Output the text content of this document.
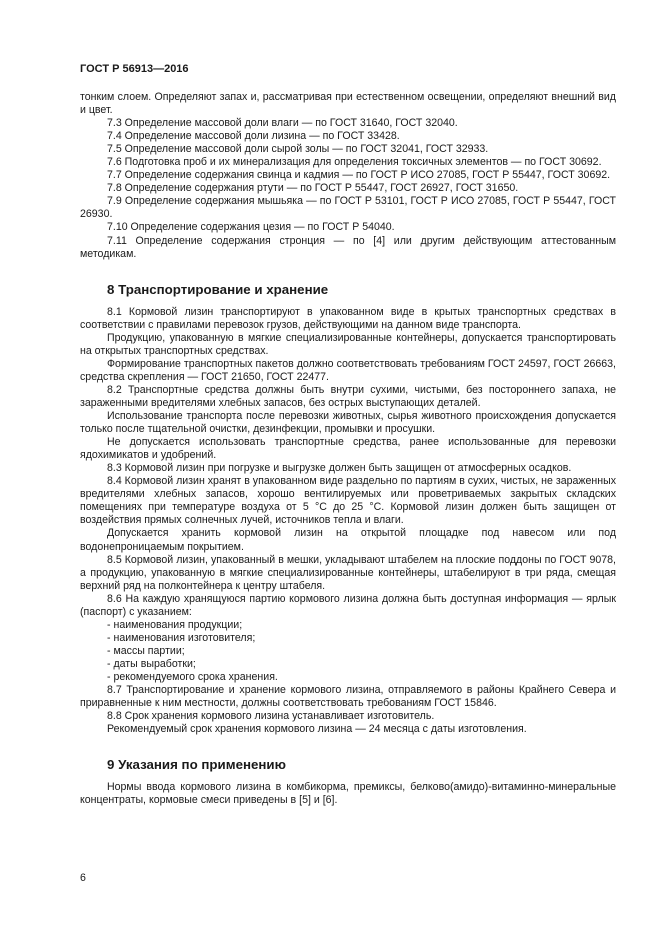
ГОСТ Р 56913—2016

тонким слоем. Определяют запах и, рассматривая при естественном освещении, определяют внешний вид и цвет.

7.3 Определение массовой доли влаги — по ГОСТ 31640, ГОСТ 32040.

7.4 Определение массовой доли лизина — по ГОСТ 33428.

7.5 Определение массовой доли сырой золы — по ГОСТ 32041, ГОСТ 32933.

7.6 Подготовка проб и их минерализация для определения токсичных элементов — по ГОСТ 30692.

7.7 Определение содержания свинца и кадмия — по ГОСТ Р ИСО 27085, ГОСТ Р 55447, ГОСТ 30692.

7.8 Определение содержания ртути — по ГОСТ Р 55447, ГОСТ 26927, ГОСТ 31650.

7.9 Определение содержания мышьяка — по ГОСТ Р 53101, ГОСТ Р ИСО 27085, ГОСТ Р 55447, ГОСТ 26930.

7.10 Определение содержания цезия — по ГОСТ Р 54040.

7.11 Определение содержания стронция — по [4] или другим действующим аттестованным методикам.

8 Транспортирование и хранение

8.1 Кормовой лизин транспортируют в упакованном виде в крытых транспортных средствах в соответствии с правилами перевозок грузов, действующими на данном виде транспорта.

Продукцию, упакованную в мягкие специализированные контейнеры, допускается транспортировать на открытых транспортных средствах.

Формирование транспортных пакетов должно соответствовать требованиям ГОСТ 24597, ГОСТ 26663, средства скрепления — ГОСТ 21650, ГОСТ 22477.

8.2 Транспортные средства должны быть внутри сухими, чистыми, без постороннего запаха, не зараженными вредителями хлебных запасов, без острых выступающих деталей.

Использование транспорта после перевозки животных, сырья животного происхождения допускается только после тщательной очистки, дезинфекции, промывки и просушки.

Не допускается использовать транспортные средства, ранее использованные для перевозки ядохимикатов и удобрений.

8.3 Кормовой лизин при погрузке и выгрузке должен быть защищен от атмосферных осадков.

8.4 Кормовой лизин хранят в упакованном виде раздельно по партиям в сухих, чистых, не зараженных вредителями хлебных запасов, хорошо вентилируемых или проветриваемых закрытых складских помещениях при температуре воздуха от 5 °С до 25 °С. Кормовой лизин должен быть защищен от воздействия прямых солнечных лучей, источников тепла и влаги.

Допускается хранить кормовой лизин на открытой площадке под навесом или под водонепроницаемым покрытием.

8.5 Кормовой лизин, упакованный в мешки, укладывают штабелем на плоские поддоны по ГОСТ 9078, а продукцию, упакованную в мягкие специализированные контейнеры, штабелируют в три ряда, смещая верхний ряд на полконтейнера к центру штабеля.

8.6 На каждую хранящуюся партию кормового лизина должна быть доступная информация — ярлык (паспорт) с указанием:

- наименования продукции;

- наименования изготовителя;

- массы партии;

- даты выработки;

- рекомендуемого срока хранения.

8.7 Транспортирование и хранение кормового лизина, отправляемого в районы Крайнего Севера и приравненные к ним местности, должны соответствовать требованиям ГОСТ 15846.

8.8 Срок хранения кормового лизина устанавливает изготовитель.

Рекомендуемый срок хранения кормового лизина — 24 месяца с даты изготовления.

9 Указания по применению

Нормы ввода кормового лизина в комбикорма, премиксы, белково(амидо)-витаминно-минеральные концентраты, кормовые смеси приведены в [5] и [6].

6
